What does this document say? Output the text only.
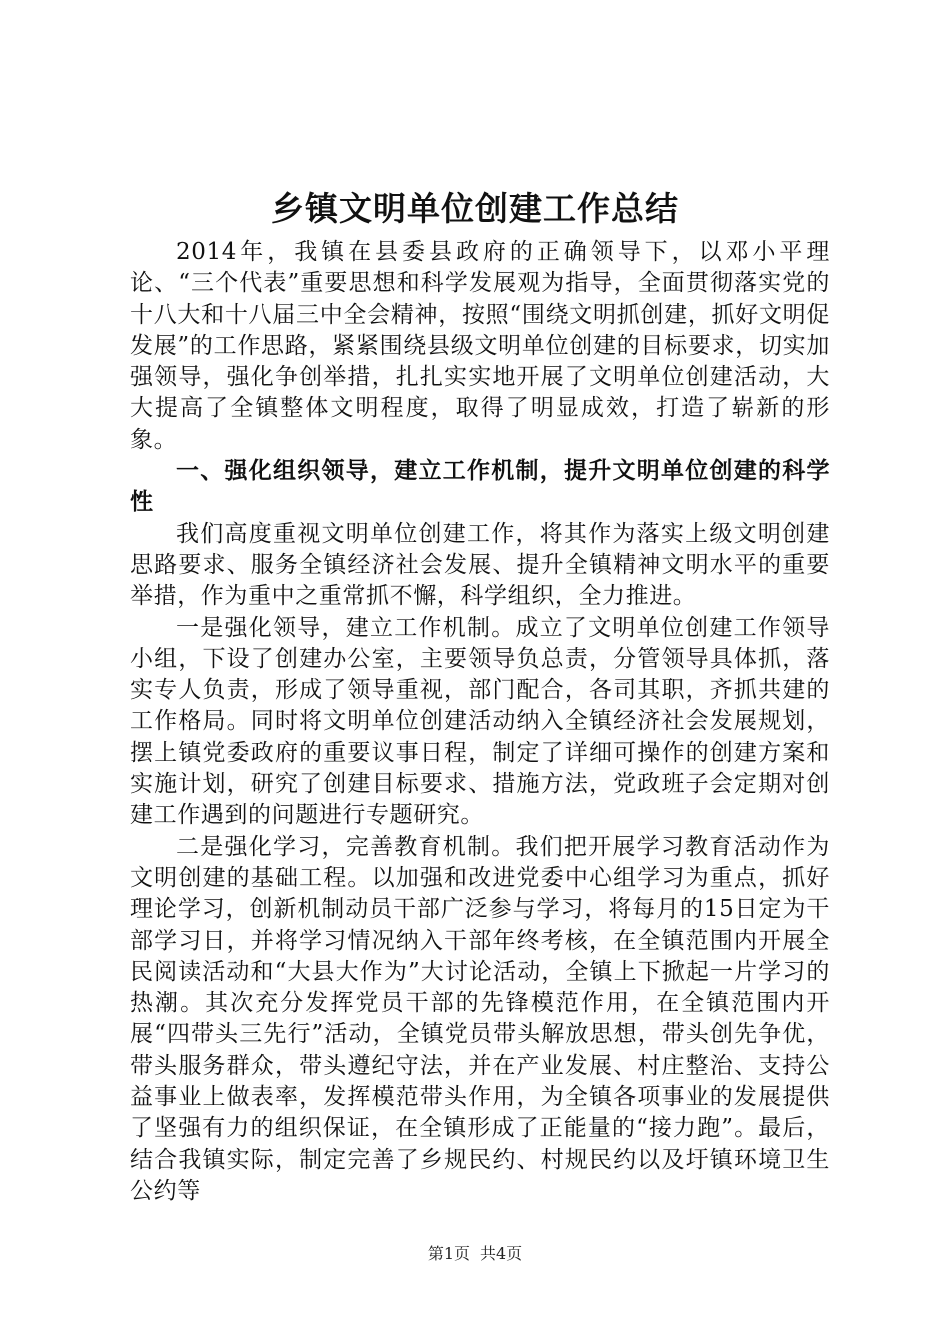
乡镇文明单位创建工作总结

2014年，我镇在县委县政府的正确领导下，以邓小平理论、“三个代表”重要思想和科学发展观为指导，全面贯彻落实党的十八大和十八届三中全会精神，按照“围绕文明抓创建，抓好文明促发展”的工作思路，紧紧围绕县级文明单位创建的目标要求，切实加强领导，强化争创举措，扎扎实实地开展了文明单位创建活动，大大提高了全镇整体文明程度，取得了明显成效，打造了崭新的形象。

一、强化组织领导，建立工作机制，提升文明单位创建的科学性

我们高度重视文明单位创建工作，将其作为落实上级文明创建思路要求、服务全镇经济社会发展、提升全镇精神文明水平的重要举措，作为重中之重常抓不懈，科学组织，全力推进。

一是强化领导，建立工作机制。成立了文明单位创建工作领导小组，下设了创建办公室，主要领导负总责，分管领导具体抓，落实专人负责，形成了领导重视，部门配合，各司其职，齐抓共建的工作格局。同时将文明单位创建活动纳入全镇经济社会发展规划，摆上镇党委政府的重要议事日程，制定了详细可操作的创建方案和实施计划，研究了创建目标要求、措施方法，党政班子会定期对创建工作遇到的问题进行专题研究。

二是强化学习，完善教育机制。我们把开展学习教育活动作为文明创建的基础工程。以加强和改进党委中心组学习为重点，抓好理论学习，创新机制动员干部广泛参与学习，将每月的15日定为干部学习日，并将学习情况纳入干部年终考核，在全镇范围内开展全民阅读活动和“大县大作为”大讨论活动，全镇上下掀起一片学习的热潮。其次充分发挥党员干部的先锋模范作用，在全镇范围内开展“四带头三先行”活动，全镇党员带头解放思想，带头创先争优，带头服务群众，带头遵纪守法，并在产业发展、村庄整治、支持公益事业上做表率，发挥模范带头作用，为全镇各项事业的发展提供了坚强有力的组织保证，在全镇形成了正能量的“接力跑”。最后，结合我镇实际，制定完善了乡规民约、村规民约以及圩镇环境卫生公约等

第1页 共4页
